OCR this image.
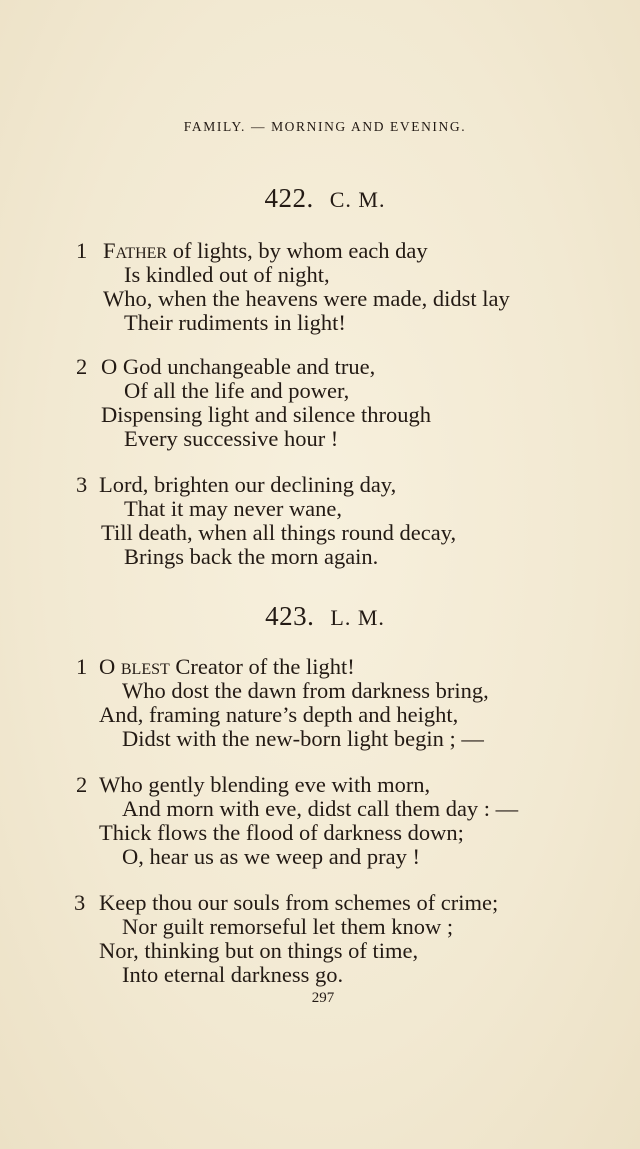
FAMILY. — MORNING AND EVENING.
422. C. M.
1 Father of lights, by whom each day
Is kindled out of night,
Who, when the heavens were made, didst lay
Their rudiments in light!
2 O God unchangeable and true,
Of all the life and power,
Dispensing light and silence through
Every successive hour !
3 Lord, brighten our declining day,
That it may never wane,
Till death, when all things round decay,
Brings back the morn again.
423. L. M.
1 O blest Creator of the light!
Who dost the dawn from darkness bring,
And, framing nature’s depth and height,
Didst with the new-born light begin ; —
2 Who gently blending eve with morn,
And morn with eve, didst call them day : —
Thick flows the flood of darkness down;
O, hear us as we weep and pray !
3 Keep thou our souls from schemes of crime;
Nor guilt remorseful let them know ;
Nor, thinking but on things of time,
Into eternal darkness go.
297
